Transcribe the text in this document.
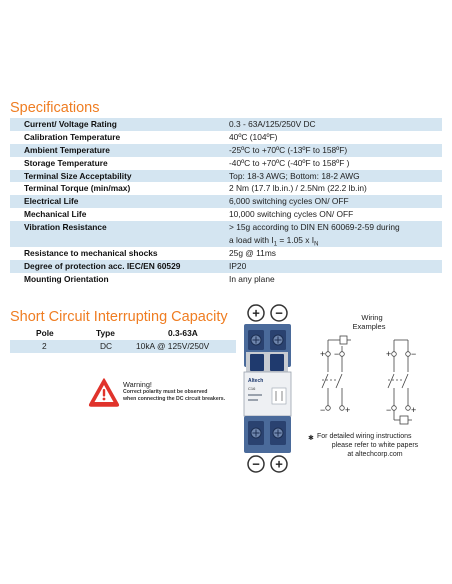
Specifications
Current/ Voltage Rating	0.3 - 63A/125/250V DC
Calibration Temperature	40ºC (104ºF)
Ambient Temperature	-25ºC to +70ºC (-13ºF to 158ºF)
Storage Temperature	-40ºC to +70ºC (-40ºF to 158ºF )
Terminal Size Acceptability	Top: 18-3 AWG; Bottom: 18-2 AWG
Terminal Torque (min/max)	2 Nm (17.7 lb.in.) / 2.5Nm (22.2 lb.in)
Electrical Life	6,000 switching cycles ON/ OFF
Mechanical Life	10,000 switching cycles ON/ OFF
Vibration Resistance	> 15g according to DIN EN 60069-2-59 during
a load with $I_1 = 1.05$ x $I_N$
Resistance to mechanical shocks	25g @ 11ms
Degree of protection acc. IEC/EN 60529	IP20
Mounting Orientation	In any plane
Short Circuit Interrupting Capacity
Pole	Type	0.3-63A
2	DC	10kA @ 125V/250V
Warning!
Correct polarity must be observed
when connecting the DC circuit breakers.
+ −
Altech
C16
− +
Wiring
Examples
+ −
− +
+ −
− +
✱ For detailed wiring instructions
please refer to white papers
at altechcorp.com
